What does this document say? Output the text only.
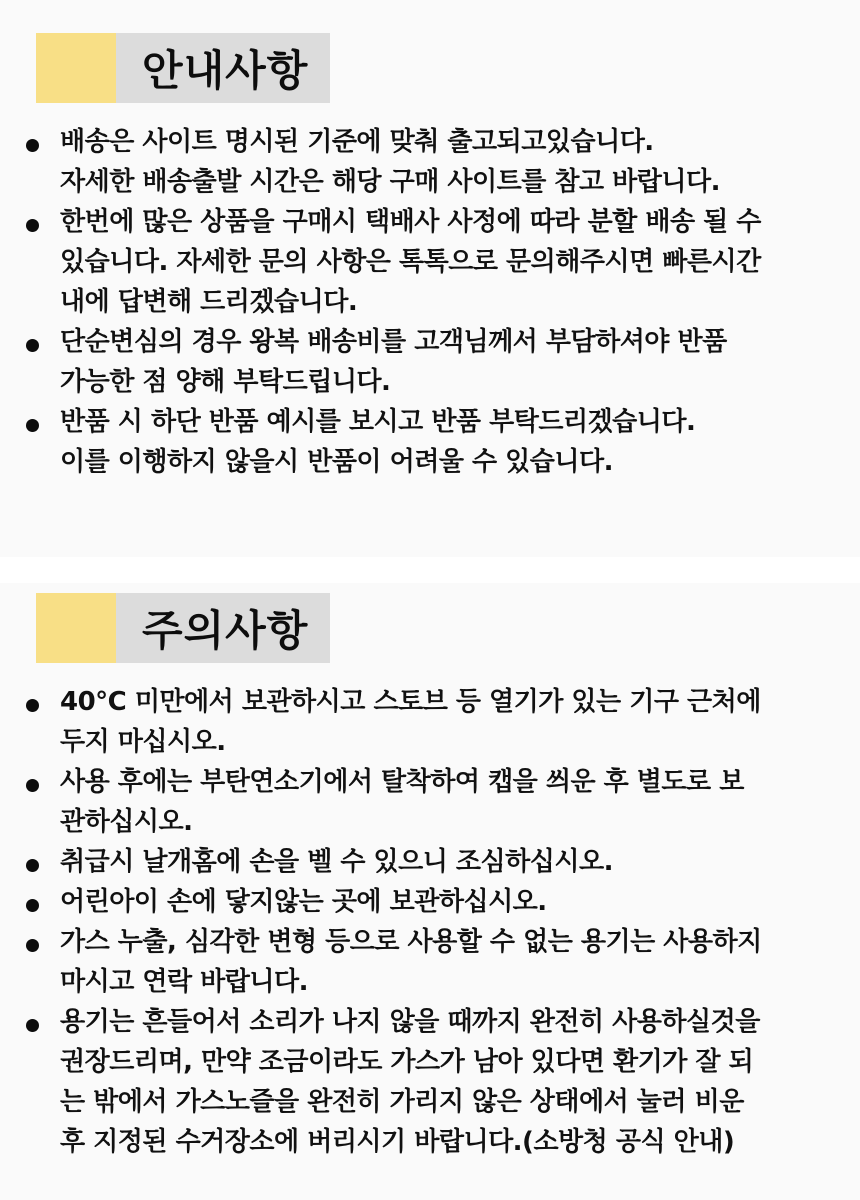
안내사항
배송은 사이트 명시된 기준에 맞춰 출고되고있습니다.
자세한 배송출발 시간은 해당 구매 사이트를 참고 바랍니다.
한번에 많은 상품을 구매시 택배사 사정에 따라 분할 배송 될 수
있습니다. 자세한 문의 사항은 톡톡으로 문의해주시면 빠른시간
내에 답변해 드리겠습니다.
단순변심의 경우 왕복 배송비를 고객님께서 부담하셔야 반품
가능한 점 양해 부탁드립니다.
반품 시 하단 반품 예시를 보시고 반품 부탁드리겠습니다.
이를 이행하지 않을시 반품이 어려울 수 있습니다.
주의사항
40°C 미만에서 보관하시고 스토브 등 열기가 있는 기구 근처에
두지 마십시오.
사용 후에는 부탄연소기에서 탈착하여 캡을 씌운 후 별도로 보
관하십시오.
취급시 날개홈에 손을 벨 수 있으니 조심하십시오.
어린아이 손에 닿지않는 곳에 보관하십시오.
가스 누출, 심각한 변형 등으로 사용할 수 없는 용기는 사용하지
마시고 연락 바랍니다.
용기는 흔들어서 소리가 나지 않을 때까지 완전히 사용하실것을
권장드리며, 만약 조금이라도 가스가 남아 있다면 환기가 잘 되
는 밖에서 가스노즐을 완전히 가리지 않은 상태에서 눌러 비운
후 지정된 수거장소에 버리시기 바랍니다.(소방청 공식 안내)
